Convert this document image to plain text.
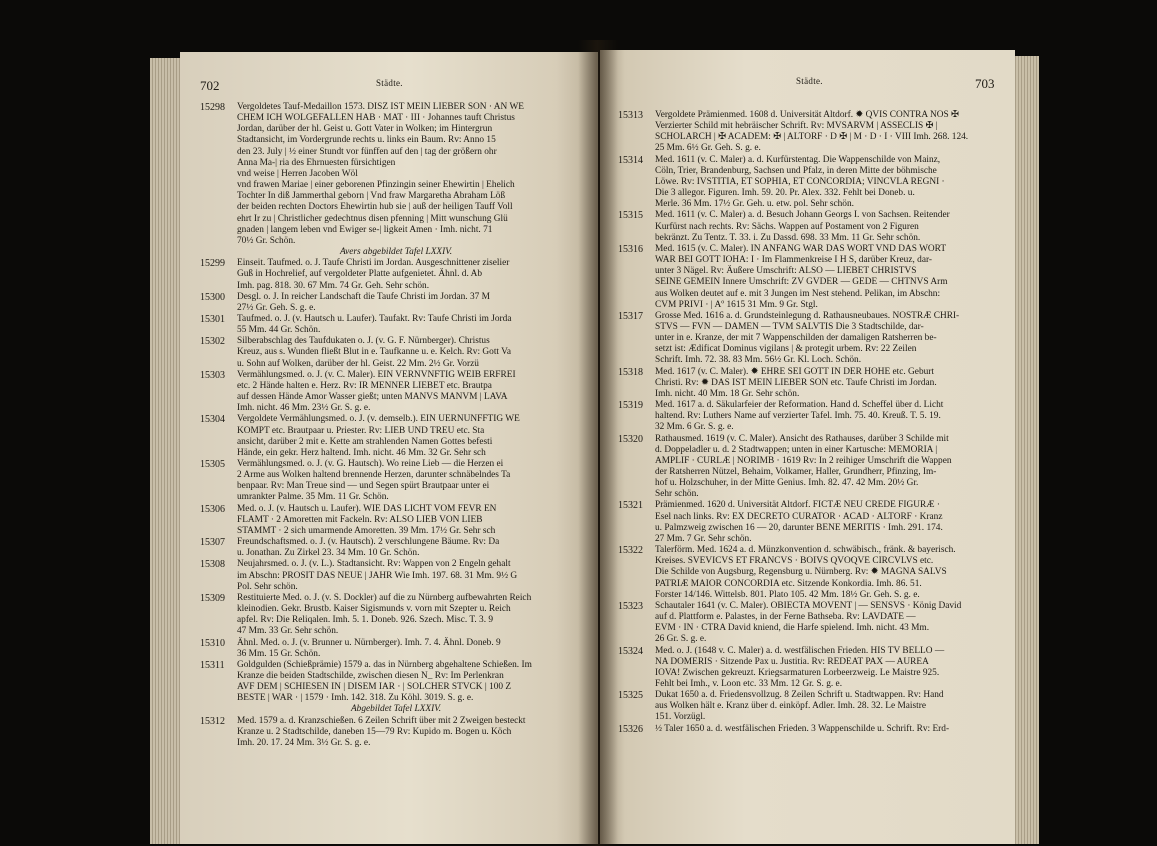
702	Städte.
15298	Vergoldetes Tauf-Medaillon 1573. DISZ IST MEIN LIEBER SON · AN WE
CHEM ICH WOLGEFALLEN HAB · MAT · III · Johannes tauft Christus
Jordan, darüber der hl. Geist u. Gott Vater in Wolken; im Hintergrun
Stadtansicht, im Vordergrunde rechts u. links ein Baum. Rv: Anno 15
den 23. July | ½ einer Stundt vor fünffen auf den | tag der größern ohr
Anna Ma-| ria des Ehrnuesten fürsichtigen
vnd weise | Herren Jacoben Wöl
vnd frawen Mariae | einer geborenen Pfinzingin seiner Ehewirtin | Ehelich
Tochter In diß Jammerthal geborn | Vnd fraw Margaretha Abraham Löß
der beiden rechten Doctors Ehewirtin hub sie | auß der heiligen Tauff Voll
ehrt Ir zu | Christlicher gedechtnus disen pfenning | Mitt wunschung Glü
gnaden | langem leben vnd Ewiger se-| ligkeit Amen · Imh. nicht. 71
70½ Gr. Schön.
Avers abgebildet Tafel LXXIV.
15299	Einseit. Taufmed. o. J. Taufe Christi im Jordan. Ausgeschnittener ziselier
Guß in Hochrelief, auf vergoldeter Platte aufgenietet. Ähnl. d. Ab
Imh. pag. 818. 30. 67 Mm. 74 Gr. Geh. Sehr schön.
15300	Desgl. o. J. In reicher Landschaft die Taufe Christi im Jordan. 37 M
27½ Gr. Geh. S. g. e.
15301	Taufmed. o. J. (v. Hautsch u. Laufer). Taufakt. Rv: Taufe Christi im Jorda
55 Mm. 44 Gr. Schön.
15302	Silberabschlag des Taufdukaten o. J. (v. G. F. Nürnberger). Christus
Kreuz, aus s. Wunden fließt Blut in e. Taufkanne u. e. Kelch. Rv: Gott Va
u. Sohn auf Wolken, darüber der hl. Geist. 22 Mm. 2½ Gr. Vorzü
15303	Vermählungsmed. o. J. (v. C. Maler). EIN VERNVNFTIG WEIB ERFREI
etc. 2 Hände halten e. Herz. Rv: IR MENNER LIEBET etc. Brautpa
auf dessen Hände Amor Wasser gießt; unten MANVS MANVM | LAVA
Imh. nicht. 46 Mm. 23½ Gr. S. g. e.
15304	Vergoldete Vermählungsmed. o. J. (v. demselb.). EIN UERNUNFFTIG WE
KOMPT etc. Brautpaar u. Priester. Rv: LIEB UND TREU etc. Sta
ansicht, darüber 2 mit e. Kette am strahlenden Namen Gottes befesti
Hände, ein gekr. Herz haltend. Imh. nicht. 46 Mm. 32 Gr. Sehr sch
15305	Vermählungsmed. o. J. (v. G. Hautsch). Wo reine Lieb — die Herzen ei
2 Arme aus Wolken haltend brennende Herzen, darunter schnäbelndes Ta
benpaar. Rv: Man Treue sind — und Segen spürt Brautpaar unter ei
umrankter Palme. 35 Mm. 11 Gr. Schön.
15306	Med. o. J. (v. Hautsch u. Laufer). WIE DAS LICHT VOM FEVR EN
FLAMT · 2 Amoretten mit Fackeln. Rv: ALSO LIEB VON LIEB
STAMMT · 2 sich umarmende Amoretten. 39 Mm. 17½ Gr. Sehr sch
15307	Freundschaftsmed. o. J. (v. Hautsch). 2 verschlungene Bäume. Rv: Da
u. Jonathan. Zu Zirkel 23. 34 Mm. 10 Gr. Schön.
15308	Neujahrsmed. o. J. (v. L.). Stadtansicht. Rv: Wappen von 2 Engeln gehalt
im Abschn: PROSIT DAS NEUE | JAHR Wie Imh. 197. 68. 31 Mm. 9½ G
Pol. Sehr schön.
15309	Restituierte Med. o. J. (v. S. Dockler) auf die zu Nürnberg aufbewahrten Reich
kleinodien. Gekr. Brustb. Kaiser Sigismunds v. vorn mit Szepter u. Reich
apfel. Rv: Die Reliqalen. Imh. 5. 1. Doneb. 926. Szech. Misc. T. 3. 9
47 Mm. 33 Gr. Sehr schön.
15310	Ähnl. Med. o. J. (v. Brunner u. Nürnberger). Imh. 7. 4. Ähnl. Doneb. 9
36 Mm. 15 Gr. Schön.
15311	Goldgulden (Schießprämie) 1579 a. das in Nürnberg abgehaltene Schießen. Im
Kranze die beiden Stadtschilde, zwischen diesen N_ Rv: Im Perlenkran
AVF DEM | SCHIESEN IN | DISEM IAR · | SOLCHER STVCK | 100 Z
BESTE | WAR · | 1579 · Imh. 142. 318. Zu Köhl. 3019. S. g. e.
Abgebildet Tafel LXXIV.
15312	Med. 1579 a. d. Kranzschießen. 6 Zeilen Schrift über mit 2 Zweigen besteckt
Kranze u. 2 Stadtschilde, daneben 15—79 Rv: Kupido m. Bogen u. Köch
Imh. 20. 17. 24 Mm. 3½ Gr. S. g. e.
Städte.	703
15313	Vergoldete Prämienmed. 1608 d. Universität Altdorf. ✹ QVIS CONTRA NOS ✠
Verzierter Schild mit hebräischer Schrift. Rv: MVSARVM | ASSECLIS ✠ |
SCHOLARCH | ✠ ACADEM: ✠ | ALTORF · D ✠ | M · D · I · VIII Imh. 268. 124.
25 Mm. 6½ Gr. Geh. S. g. e.
15314	Med. 1611 (v. C. Maler) a. d. Kurfürstentag. Die Wappenschilde von Mainz,
Cöln, Trier, Brandenburg, Sachsen und Pfalz, in deren Mitte der böhmische
Löwe. Rv: IVSTITIA, ET SOPHIA, ET CONCORDIA; VINCVLA REGNI ·
Die 3 allegor. Figuren. Imh. 59. 20. Pr. Alex. 332. Fehlt bei Doneb. u.
Merle. 36 Mm. 17½ Gr. Geh. u. etw. pol. Sehr schön.
15315	Med. 1611 (v. C. Maler) a. d. Besuch Johann Georgs I. von Sachsen. Reitender
Kurfürst nach rechts. Rv: Sächs. Wappen auf Postament von 2 Figuren
bekränzt. Zu Tentz. T. 33. i. Zu Dassd. 698. 33 Mm. 11 Gr. Sehr schön.
15316	Med. 1615 (v. C. Maler). IN ANFANG WAR DAS WORT VND DAS WORT
WAR BEI GOTT IOHA: I · Im Flammenkreise I H S, darüber Kreuz, dar-
unter 3 Nägel. Rv: Äußere Umschrift: ALSO — LIEBET CHRISTVS
SEINE GEMEIN Innere Umschrift: ZV GVDER — GEDE — CHTNVS Arm
aus Wolken deutet auf e. mit 3 Jungen im Nest stehend. Pelikan, im Abschn:
CVM PRIVI · | Aº 1615 31 Mm. 9 Gr. Stgl.
15317	Grosse Med. 1616 a. d. Grundsteinlegung d. Rathausneubaues. NOSTRÆ CHRI-
STVS — FVN — DAMEN — TVM SALVTIS Die 3 Stadtschilde, dar-
unter in e. Kranze, der mit 7 Wappenschilden der damaligen Ratsherren be-
setzt ist: Ædificat Dominus vigilans | & protegit urbem. Rv: 22 Zeilen
Schrift. Imh. 72. 38. 83 Mm. 56½ Gr. Kl. Loch. Schön.
15318	Med. 1617 (v. C. Maler). ✹ EHRE SEI GOTT IN DER HOHE etc. Geburt
Christi. Rv: ✹ DAS IST MEIN LIEBER SON etc. Taufe Christi im Jordan.
Imh. nicht. 40 Mm. 18 Gr. Sehr schön.
15319	Med. 1617 a. d. Säkularfeier der Reformation. Hand d. Scheffel über d. Licht
haltend. Rv: Luthers Name auf verzierter Tafel. Imh. 75. 40. Kreuß. T. 5. 19.
32 Mm. 6 Gr. S. g. e.
15320	Rathausmed. 1619 (v. C. Maler). Ansicht des Rathauses, darüber 3 Schilde mit
d. Doppeladler u. d. 2 Stadtwappen; unten in einer Kartusche: MEMORIA |
AMPLIF · CURLÆ | NORIMB · 1619 Rv: In 2 reihiger Umschrift die Wappen
der Ratsherren Nützel, Behaim, Volkamer, Haller, Grundherr, Pfinzing, Im-
hof u. Holzschuher, in der Mitte Genius. Imh. 82. 47. 42 Mm. 20½ Gr.
Sehr schön.
15321	Prämienmed. 1620 d. Universität Altdorf. FICTÆ NEU CREDE FIGURÆ ·
Esel nach links. Rv: EX DECRETO CURATOR · ACAD · ALTORF · Kranz
u. Palmzweig zwischen 16 — 20, darunter BENE MERITIS · Imh. 291. 174.
27 Mm. 7 Gr. Sehr schön.
15322	Talerförm. Med. 1624 a. d. Münzkonvention d. schwäbisch., fränk. & bayerisch.
Kreises. SVEVICVS ET FRANCVS · BOIVS QVOQVE CIRCVLVS etc.
Die Schilde von Augsburg, Regensburg u. Nürnberg. Rv: ✹ MAGNA SALVS
PATRIÆ MAIOR CONCORDIA etc. Sitzende Konkordia. Imh. 86. 51.
Forster 14/146. Wittelsb. 801. Plato 105. 42 Mm. 18½ Gr. Geh. S. g. e.
15323	Schautaler 1641 (v. C. Maler). OBIECTA MOVENT | — SENSVS · König David
auf d. Plattform e. Palastes, in der Ferne Bathseba. Rv: LAVDATE —
EVM · IN · CTRA David kniend, die Harfe spielend. Imh. nicht. 43 Mm.
26 Gr. S. g. e.
15324	Med. o. J. (1648 v. C. Maler) a. d. westfälischen Frieden. HIS TV BELLO —
NA DOMERIS · Sitzende Pax u. Justitia. Rv: REDEAT PAX — AUREA
IOVA! Zwischen gekreuzt. Kriegsarmaturen Lorbeerzweig. Le Maistre 925.
Fehlt bei Imh., v. Loon etc. 33 Mm. 12 Gr. S. g. e.
15325	Dukat 1650 a. d. Friedensvollzug. 8 Zeilen Schrift u. Stadtwappen. Rv: Hand
aus Wolken hält e. Kranz über d. einköpf. Adler. Imh. 28. 32. Le Maistre
151. Vorzügl.
15326	½ Taler 1650 a. d. westfälischen Frieden. 3 Wappenschilde u. Schrift. Rv: Erd-
